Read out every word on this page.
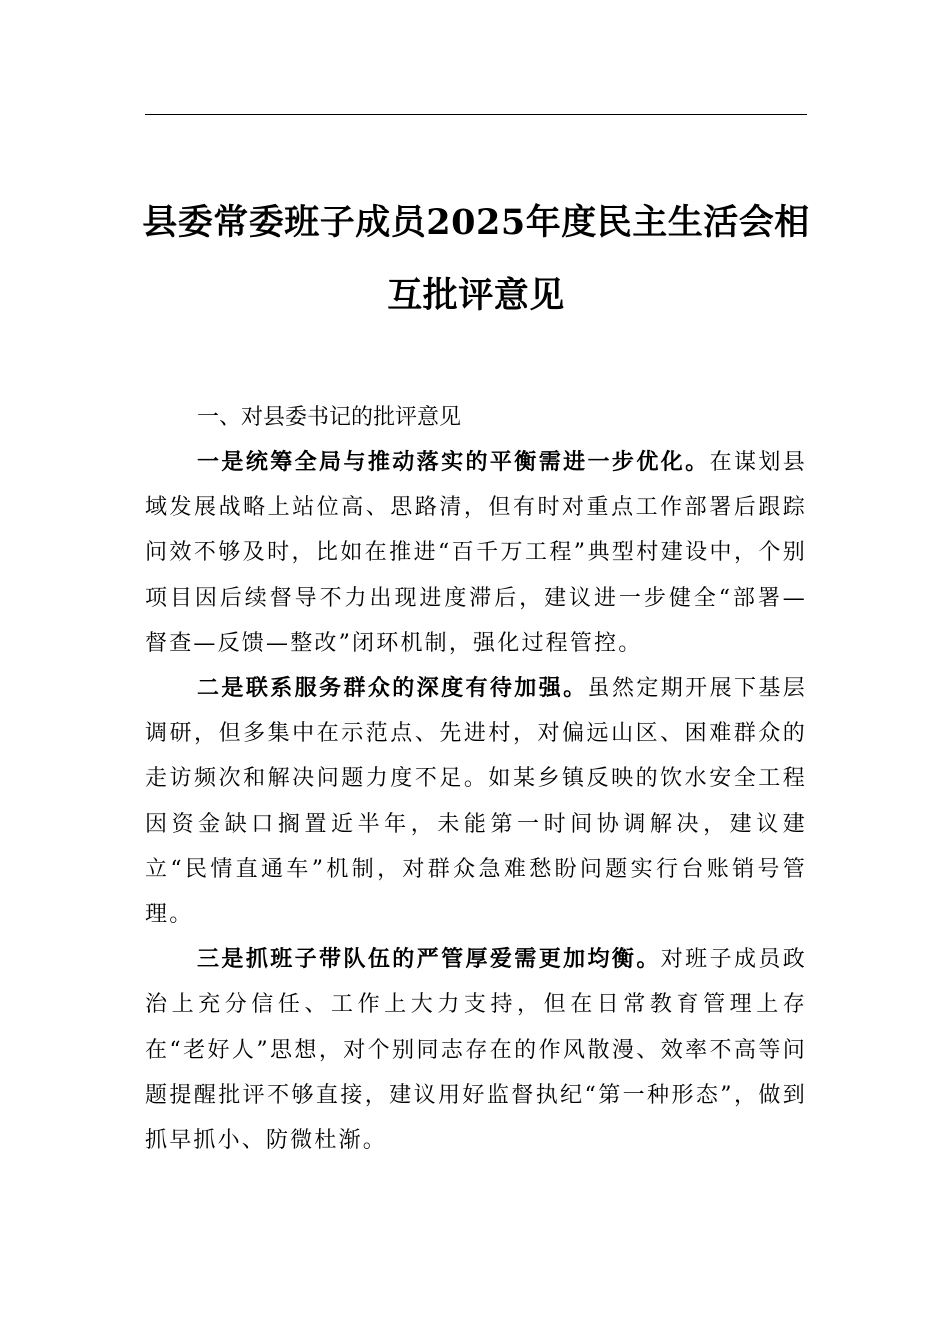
县委常委班子成员2025年度民主生活会相
互批评意见

一、对县委书记的批评意见

一是统筹全局与推动落实的平衡需进一步优化。在谋划县域发展战略上站位高、思路清，但有时对重点工作部署后跟踪问效不够及时，比如在推进“百千万工程”典型村建设中，个别项目因后续督导不力出现进度滞后，建议进一步健全“部署—督查—反馈—整改”闭环机制，强化过程管控。

二是联系服务群众的深度有待加强。虽然定期开展下基层调研，但多集中在示范点、先进村，对偏远山区、困难群众的走访频次和解决问题力度不足。如某乡镇反映的饮水安全工程因资金缺口搁置近半年，未能第一时间协调解决，建议建立“民情直通车”机制，对群众急难愁盼问题实行台账销号管理。

三是抓班子带队伍的严管厚爱需更加均衡。对班子成员政治上充分信任、工作上大力支持，但在日常教育管理上存在“老好人”思想，对个别同志存在的作风散漫、效率不高等问题提醒批评不够直接，建议用好监督执纪“第一种形态”，做到抓早抓小、防微杜渐。
